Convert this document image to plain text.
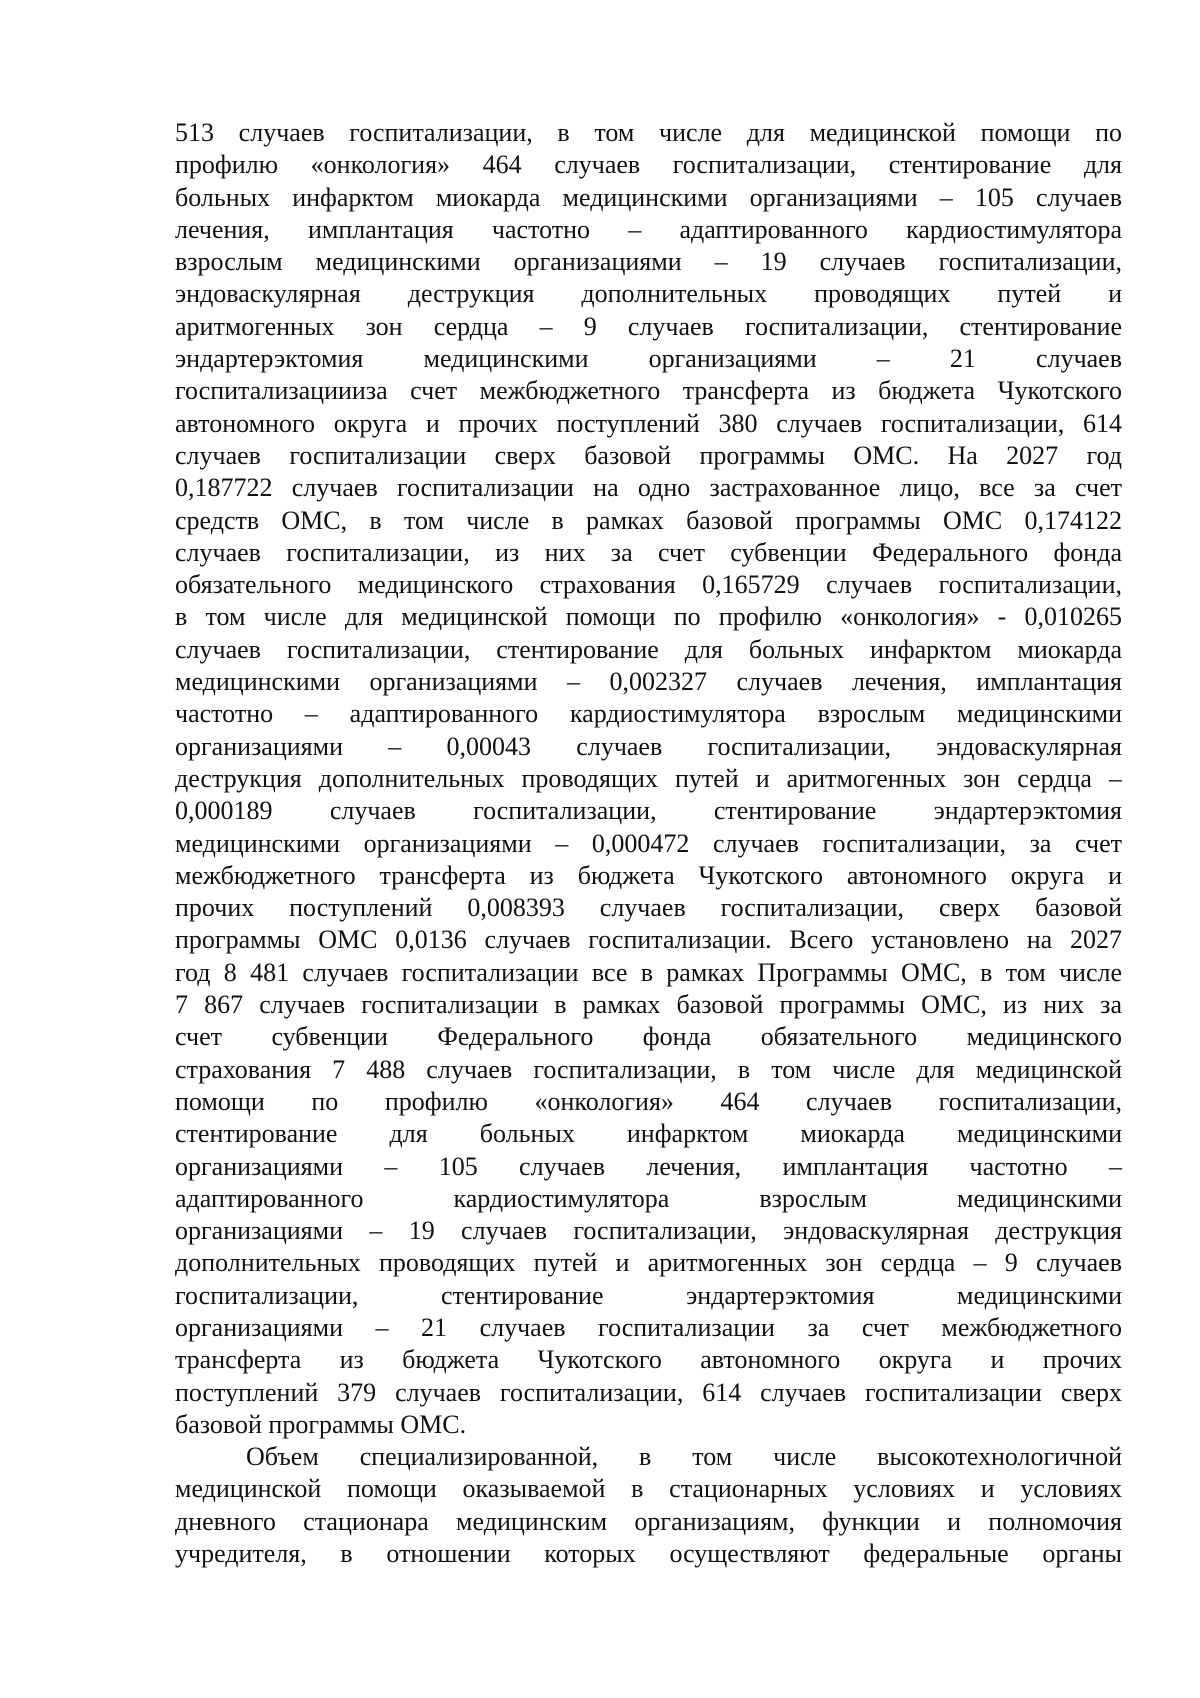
513 случаев госпитализации, в том числе для медицинской помощи по
профилю «онкология» 464 случаев госпитализации, стентирование для
больных инфарктом миокарда медицинскими организациями – 105 случаев
лечения, имплантация частотно – адаптированного кардиостимулятора
взрослым медицинскими организациями – 19 случаев госпитализации,
эндоваскулярная деструкция дополнительных проводящих путей и
аритмогенных зон сердца – 9 случаев госпитализации, стентирование
эндартерэктомия медицинскими организациями – 21 случаев
госпитализациииза счет межбюджетного трансферта из бюджета Чукотского
автономного округа и прочих поступлений 380 случаев госпитализации, 614
случаев госпитализации сверх базовой программы ОМС. На 2027 год
0,187722 случаев госпитализации на одно застрахованное лицо, все за счет
средств ОМС, в том числе в рамках базовой программы ОМС 0,174122
случаев госпитализации, из них за счет субвенции Федерального фонда
обязательного медицинского страхования 0,165729 случаев госпитализации,
в том числе для медицинской помощи по профилю «онкология» - 0,010265
случаев госпитализации, стентирование для больных инфарктом миокарда
медицинскими организациями – 0,002327 случаев лечения, имплантация
частотно – адаптированного кардиостимулятора взрослым медицинскими
организациями – 0,00043 случаев госпитализации, эндоваскулярная
деструкция дополнительных проводящих путей и аритмогенных зон сердца –
0,000189 случаев госпитализации, стентирование эндартерэктомия
медицинскими организациями – 0,000472 случаев госпитализации, за счет
межбюджетного трансферта из бюджета Чукотского автономного округа и
прочих поступлений 0,008393 случаев госпитализации, сверх базовой
программы ОМС 0,0136 случаев госпитализации. Всего установлено на 2027
год 8 481 случаев госпитализации все в рамках Программы ОМС, в том числе
7 867 случаев госпитализации в рамках базовой программы ОМС, из них за
счет субвенции Федерального фонда обязательного медицинского
страхования 7 488 случаев госпитализации, в том числе для медицинской
помощи по профилю «онкология» 464 случаев госпитализации,
стентирование для больных инфарктом миокарда медицинскими
организациями – 105 случаев лечения, имплантация частотно –
адаптированного кардиостимулятора взрослым медицинскими
организациями – 19 случаев госпитализации, эндоваскулярная деструкция
дополнительных проводящих путей и аритмогенных зон сердца – 9 случаев
госпитализации, стентирование эндартерэктомия медицинскими
организациями – 21 случаев госпитализации за счет межбюджетного
трансферта из бюджета Чукотского автономного округа и прочих
поступлений 379 случаев госпитализации, 614 случаев госпитализации сверх
базовой программы ОМС.
Объем специализированной, в том числе высокотехнологичной
медицинской помощи оказываемой в стационарных условиях и условиях
дневного стационара медицинским организациям, функции и полномочия
учредителя, в отношении которых осуществляют федеральные органы
